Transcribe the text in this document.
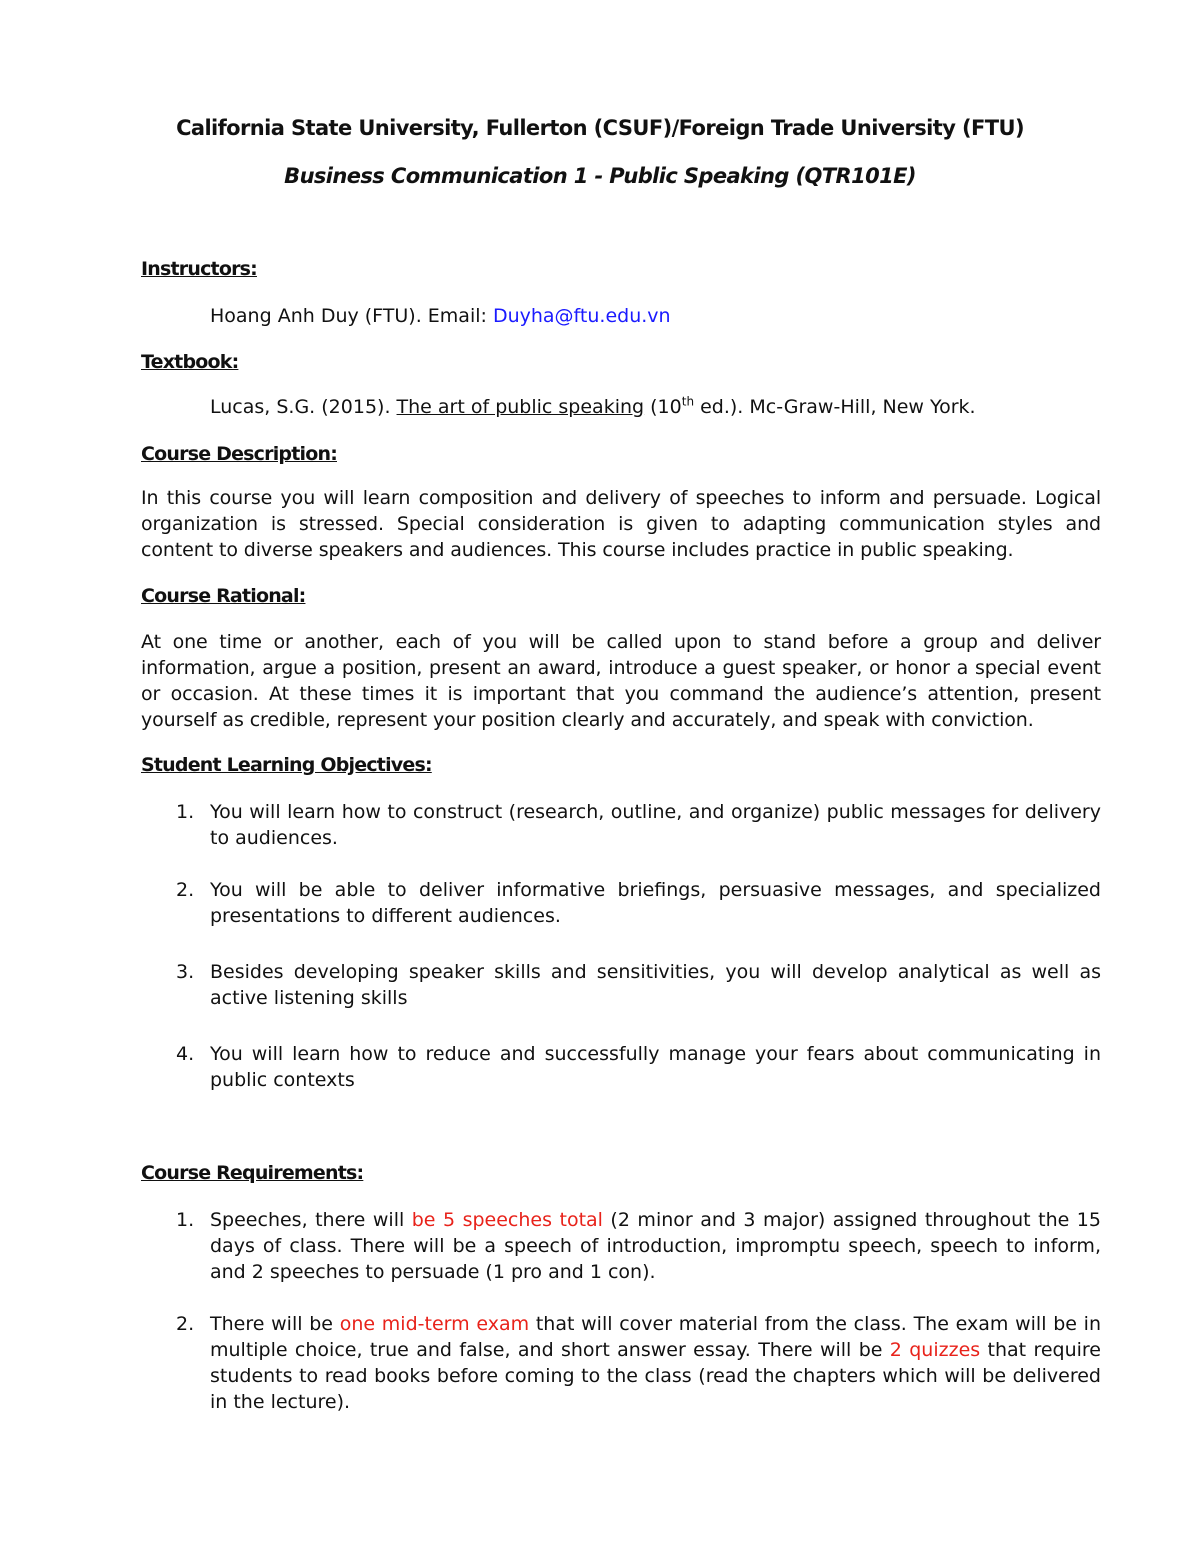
California State University, Fullerton (CSUF)/Foreign Trade University (FTU)
Business Communication 1 - Public Speaking (QTR101E)
Instructors:
Hoang Anh Duy (FTU). Email: Duyha@ftu.edu.vn
Textbook:
Lucas, S.G. (2015). The art of public speaking (10th ed.). Mc-Graw-Hill, New York.
Course Description:
In this course you will learn composition and delivery of speeches to inform and persuade. Logical organization is stressed. Special consideration is given to adapting communication styles and content to diverse speakers and audiences. This course includes practice in public speaking.
Course Rational:
At one time or another, each of you will be called upon to stand before a group and deliver information, argue a position, present an award, introduce a guest speaker, or honor a special event or occasion. At these times it is important that you command the audience’s attention, present yourself as credible, represent your position clearly and accurately, and speak with conviction.
Student Learning Objectives:
1. You will learn how to construct (research, outline, and organize) public messages for delivery to audiences.
2. You will be able to deliver informative briefings, persuasive messages, and specialized presentations to different audiences.
3. Besides developing speaker skills and sensitivities, you will develop analytical as well as active listening skills
4. You will learn how to reduce and successfully manage your fears about communicating in public contexts
Course Requirements:
1. Speeches, there will be 5 speeches total (2 minor and 3 major) assigned throughout the 15 days of class. There will be a speech of introduction, impromptu speech, speech to inform, and 2 speeches to persuade (1 pro and 1 con).
2. There will be one mid-term exam that will cover material from the class. The exam will be in multiple choice, true and false, and short answer essay. There will be 2 quizzes that require students to read books before coming to the class (read the chapters which will be delivered in the lecture).
